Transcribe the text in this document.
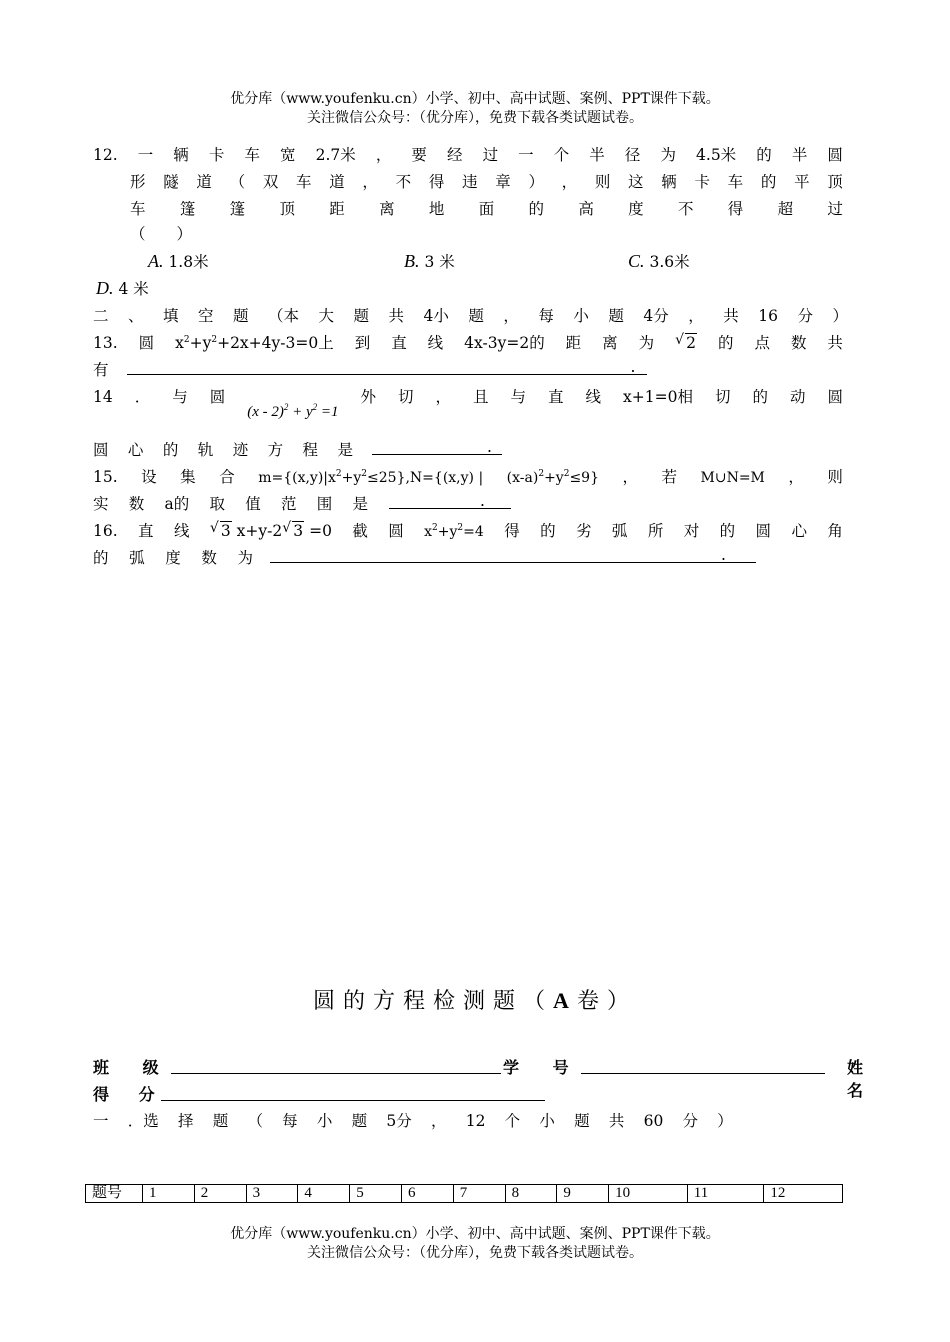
优分库（www.youfenku.cn）小学、初中、高中试题、案例、PPT课件下载。
关注微信公众号：（优分库），免费下载各类试题试卷。
12. 一 辆 卡 车 宽 2.7米 ， 要 经 过 一 个 半 径 为 4.5米 的 半 圆
形 隧 道 （ 双 车 道 ， 不 得 违 章 ） ， 则 这 辆 卡 车 的 平 顶
车 篷 篷 顶 距 离 地 面 的 高 度 不 得 超 过
（　　）
A. 1.8米	B. 3 米	C. 3.6米
D. 4 米
二 、 填 空 题 （本 大 题 共 4小 题 ， 每 小 题 4分 ， 共 16 分 ）
13. 圆 $x^2+y^2+2x+4y-3=0$上 到 直 线 4x-3y=2的 距 离 为 √ 2 的 点 数 共
有	.
14 ． 与 圆
$(x - 2)^2 + y^2 =1$
外 切 ， 且 与 直 线 x+1=0相 切 的 动 圆
圆 心 的 轨 迹 方 程 是
	.
15. 设 集 合 $m=\{(x,y)|x^2+y^2\le 25\},N=\{(x,y)$ | $(x-a)^2+y^2\le 9$} ， 若 M∪N=M ， 则
实 数 a的 取 值 范 围 是
	.
16. 直 线 √ 3 x+y-2 √ 3 =0 截 圆 $x^2+y^2=4$ 得 的 劣 弧 所 对 的 圆 心 角
的 弧 度 数 为
	.
圆的方程检测题（A卷）
班 级	学 号	姓 名
得 分
一 ．选 择 题 （ 每 小 题 5分 ， 12 个 小 题 共 60 分 ）
题号	1	2	3	4	5	6	7	8	9	10	11	12
优分库（www.youfenku.cn）小学、初中、高中试题、案例、PPT课件下载。
关注微信公众号：（优分库），免费下载各类试题试卷。
